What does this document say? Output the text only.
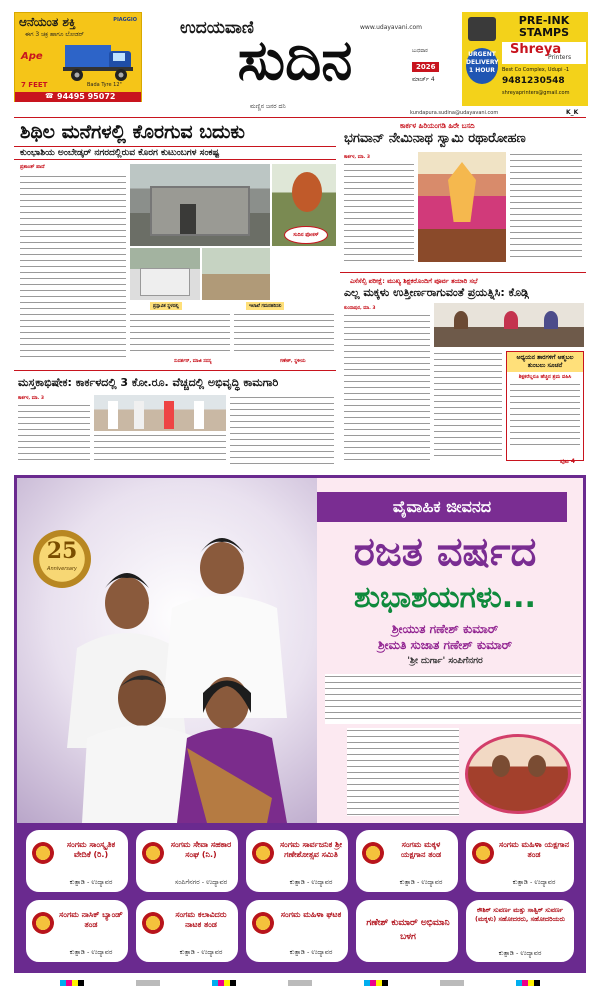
ಆನೆಯಂತ ಶಕ್ತಿ	PIAGGIO
ಈಗ 3 ಚಕ್ರ ಹಾಗೂ ಲೋಡರ್
Ape
7 FEET	Bada Tyre 12"
☎ 94495 95072
ಉದಯವಾಣಿ
ಸುದಿನ
ಮಣ್ಣಿನ ಜನರ ದನಿ
www.udayavani.com
ಬುಧವಾರ
2026
ಮಾರ್ಚ್ 4
PRE-INK STAMPS
Shreya
Printers
URGENT DELIVERY 1 HOUR	Best Co Complex, Udupi -1
9481230548
shreyaprinters@gmail.com
kundapura.sudina@udayavani.com	K_K
ಶಿಥಿಲ ಮನೆಗಳಲ್ಲಿ ಕೊರಗುವ ಬದುಕು
ಕುಂಭಾಶಿಯ ಅಂಬೇಡ್ಕರ್ ನಗರದಲ್ಲಿರುವ ಕೊರಗ ಕುಟುಂಬಗಳ ಸಂಕಷ್ಟ
ಪ್ರಶಾಂತ್ ಪಾದೆ
ಸುದಿನ ಫೋಕಸ್
ಪ್ರಸ್ತಾವಿತ ಸ್ಥಳದಲ್ಲಿ	ಇಲಾಖೆ ಗಮನಹರಿಸಲಿ
ಸುದರ್ಶನ್, ಮಾಜಿ ಸದಸ್ಯ	ಗಣೇಶ್, ಸ್ಥಳೀಯ
ಕಾರ್ಕಳ ಹಿರಿಯಂಗಡಿ ಹಿರೇ ಬಸದಿ
ಭಗವಾನ್ ನೇಮಿನಾಥ ಸ್ವಾಮಿ ರಥಾರೋಹಣ
ಕಾರ್ಕಳ, ಮಾ. 3
ಎಸೆಸೆಲ್ಸಿ ಪರೀಕ್ಷೆ: ಮುಖ್ಯ ಶಿಕ್ಷಕರೊಂದಿಗೆ ಪೂರ್ವ ತಯಾರಿ ಸಭೆ
ಎಲ್ಲ ಮಕ್ಕಳು ಉತ್ತೀರ್ಣರಾಗುವಂತೆ ಪ್ರಯತ್ನಿಸಿ: ಕೊಡ್ಗಿ
ಕುಂದಾಪುರ, ಮಾ. 3
ಅಧ್ಯಯನ ತಾರಗಳಿಗೆ ಆತ್ಮಬಲ ತುಂಬಲು ಸೂಚನೆ
ಶಿಕ್ಷಕರೆಲ್ಲರೂ ಹೆಚ್ಚಿನ ಶ್ರಮ ವಹಿಸಿ
ಮಸ್ತಕಾಭಿಷೇಕ: ಕಾರ್ಕಳದಲ್ಲಿ 3 ಕೋ.ರೂ. ವೆಚ್ಚದಲ್ಲಿ ಅಭಿವೃದ್ಧಿ ಕಾಮಗಾರಿ
ಕಾರ್ಕಳ, ಮಾ. 3
ಪುಟ 4
25
Anniversary
ವೈವಾಹಿಕ ಜೀವನದ
ರಜತ ವರ್ಷದ
ಶುಭಾಶಯಗಳು...
ಶ್ರೀಯುತ ಗಣೇಶ್ ಕುಮಾರ್
ಶ್ರೀಮತಿ ಸುಜಾತ ಗಣೇಶ್ ಕುಮಾರ್
'ಶ್ರೀ ದುರ್ಗಾ' ಸಂಪಿಗೆನಗರ
ಸಂಗಮ ಸಾಂಸ್ಕೃತಿಕ ವೇದಿಕೆ (ರಿ.)
ಕುತ್ಪಾಡಿ - ಉದ್ಯಾವರ
ಸಂಗಮ ಸೇವಾ ಸಹಕಾರ ಸಂಘ (ನಿ.)
ಸಂಪಿಗೆನಗರ - ಉದ್ಯಾವರ
ಸಂಗಮ ಸಾರ್ವಜನಿಕ ಶ್ರೀ ಗಣೇಶೋತ್ಸವ ಸಮಿತಿ
ಕುತ್ಪಾಡಿ - ಉದ್ಯಾವರ
ಸಂಗಮ ಮಕ್ಕಳ ಯಕ್ಷಗಾನ ತಂಡ
ಕುತ್ಪಾಡಿ - ಉದ್ಯಾವರ
ಸಂಗಮ ಮಹಿಳಾ ಯಕ್ಷಗಾನ ತಂಡ
ಕುತ್ಪಾಡಿ - ಉದ್ಯಾವರ
ಸಂಗಮ ನಾಸಿಕ್ ಬ್ಯಾಂಡ್ ತಂಡ
ಕುತ್ಪಾಡಿ - ಉದ್ಯಾವರ
ಸಂಗಮ ಕಲಾವಿದರು ನಾಟಕ ತಂಡ
ಕುತ್ಪಾಡಿ - ಉದ್ಯಾವರ
ಸಂಗಮ ಮಹಿಳಾ ಘಟಕ
ಕುತ್ಪಾಡಿ - ಉದ್ಯಾವರ
ಗಣೇಶ್ ಕುಮಾರ್ ಅಭಿಮಾನಿ ಬಳಗ
ಕೌಶಿಕ್ ಸುವರ್ಣ ಮತ್ತು ಸಾತ್ವಿಕ್ ಸುವರ್ಣ (ಮಕ್ಕಳು) ಸಹೋದರರು, ಸಹೋದರಿಯರು
ಕುತ್ಪಾಡಿ - ಉದ್ಯಾವರ
